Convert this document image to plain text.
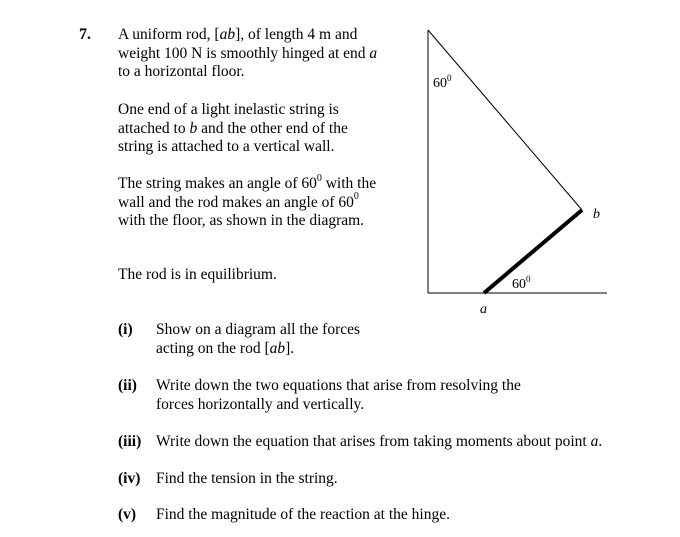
7. A uniform rod, [ab], of length 4 m and weight 100 N is smoothly hinged at end a to a horizontal floor.
One end of a light inelastic string is attached to b and the other end of the string is attached to a vertical wall.
The string makes an angle of $60^0$ with the wall and the rod makes an angle of $60^0$ with the floor, as shown in the diagram.
The rod is in equilibrium.
$60^0$
$60^0$
b
a
(i) Show on a diagram all the forces acting on the rod [ab].
(ii) Write down the two equations that arise from resolving the forces horizontally and vertically.
(iii) Write down the equation that arises from taking moments about point a.
(iv) Find the tension in the string.
(v) Find the magnitude of the reaction at the hinge.
